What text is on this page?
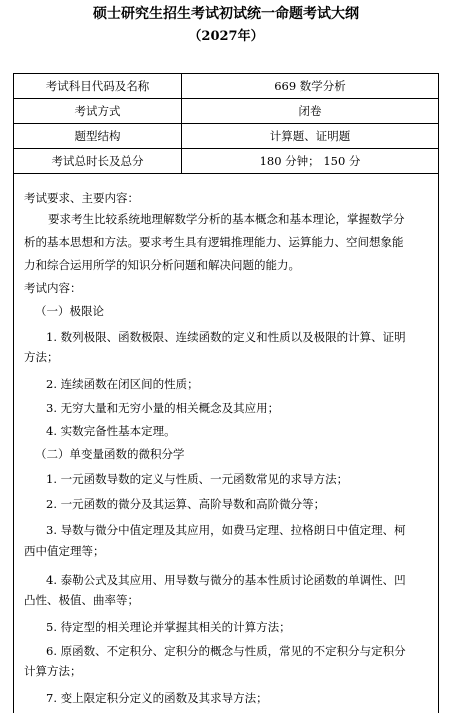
硕士研究生招生考试初试统一命题考试大纲
（2027年）
考试科目代码及名称	669 数学分析
考试方式	闭卷
题型结构	计算题、证明题
考试总时长及总分	180 分钟； 150 分
考试要求、主要内容：
要求考生比较系统地理解数学分析的基本概念和基本理论，掌握数学分
析的基本思想和方法。要求考生具有逻辑推理能力、运算能力、空间想象能
力和综合运用所学的知识分析问题和解决问题的能力。
考试内容：
（一）极限论
1. 数列极限、函数极限、连续函数的定义和性质以及极限的计算、证明
方法；
2. 连续函数在闭区间的性质；
3. 无穷大量和无穷小量的相关概念及其应用；
4. 实数完备性基本定理。
（二）单变量函数的微积分学
1. 一元函数导数的定义与性质、一元函数常见的求导方法；
2. 一元函数的微分及其运算、高阶导数和高阶微分等；
3. 导数与微分中值定理及其应用，如费马定理、拉格朗日中值定理、柯
西中值定理等；
4. 泰勒公式及其应用、用导数与微分的基本性质讨论函数的单调性、凹
凸性、极值、曲率等；
5. 待定型的相关理论并掌握其相关的计算方法；
6. 原函数、不定积分、定积分的概念与性质，常见的不定积分与定积分
计算方法；
7. 变上限定积分定义的函数及其求导方法；
